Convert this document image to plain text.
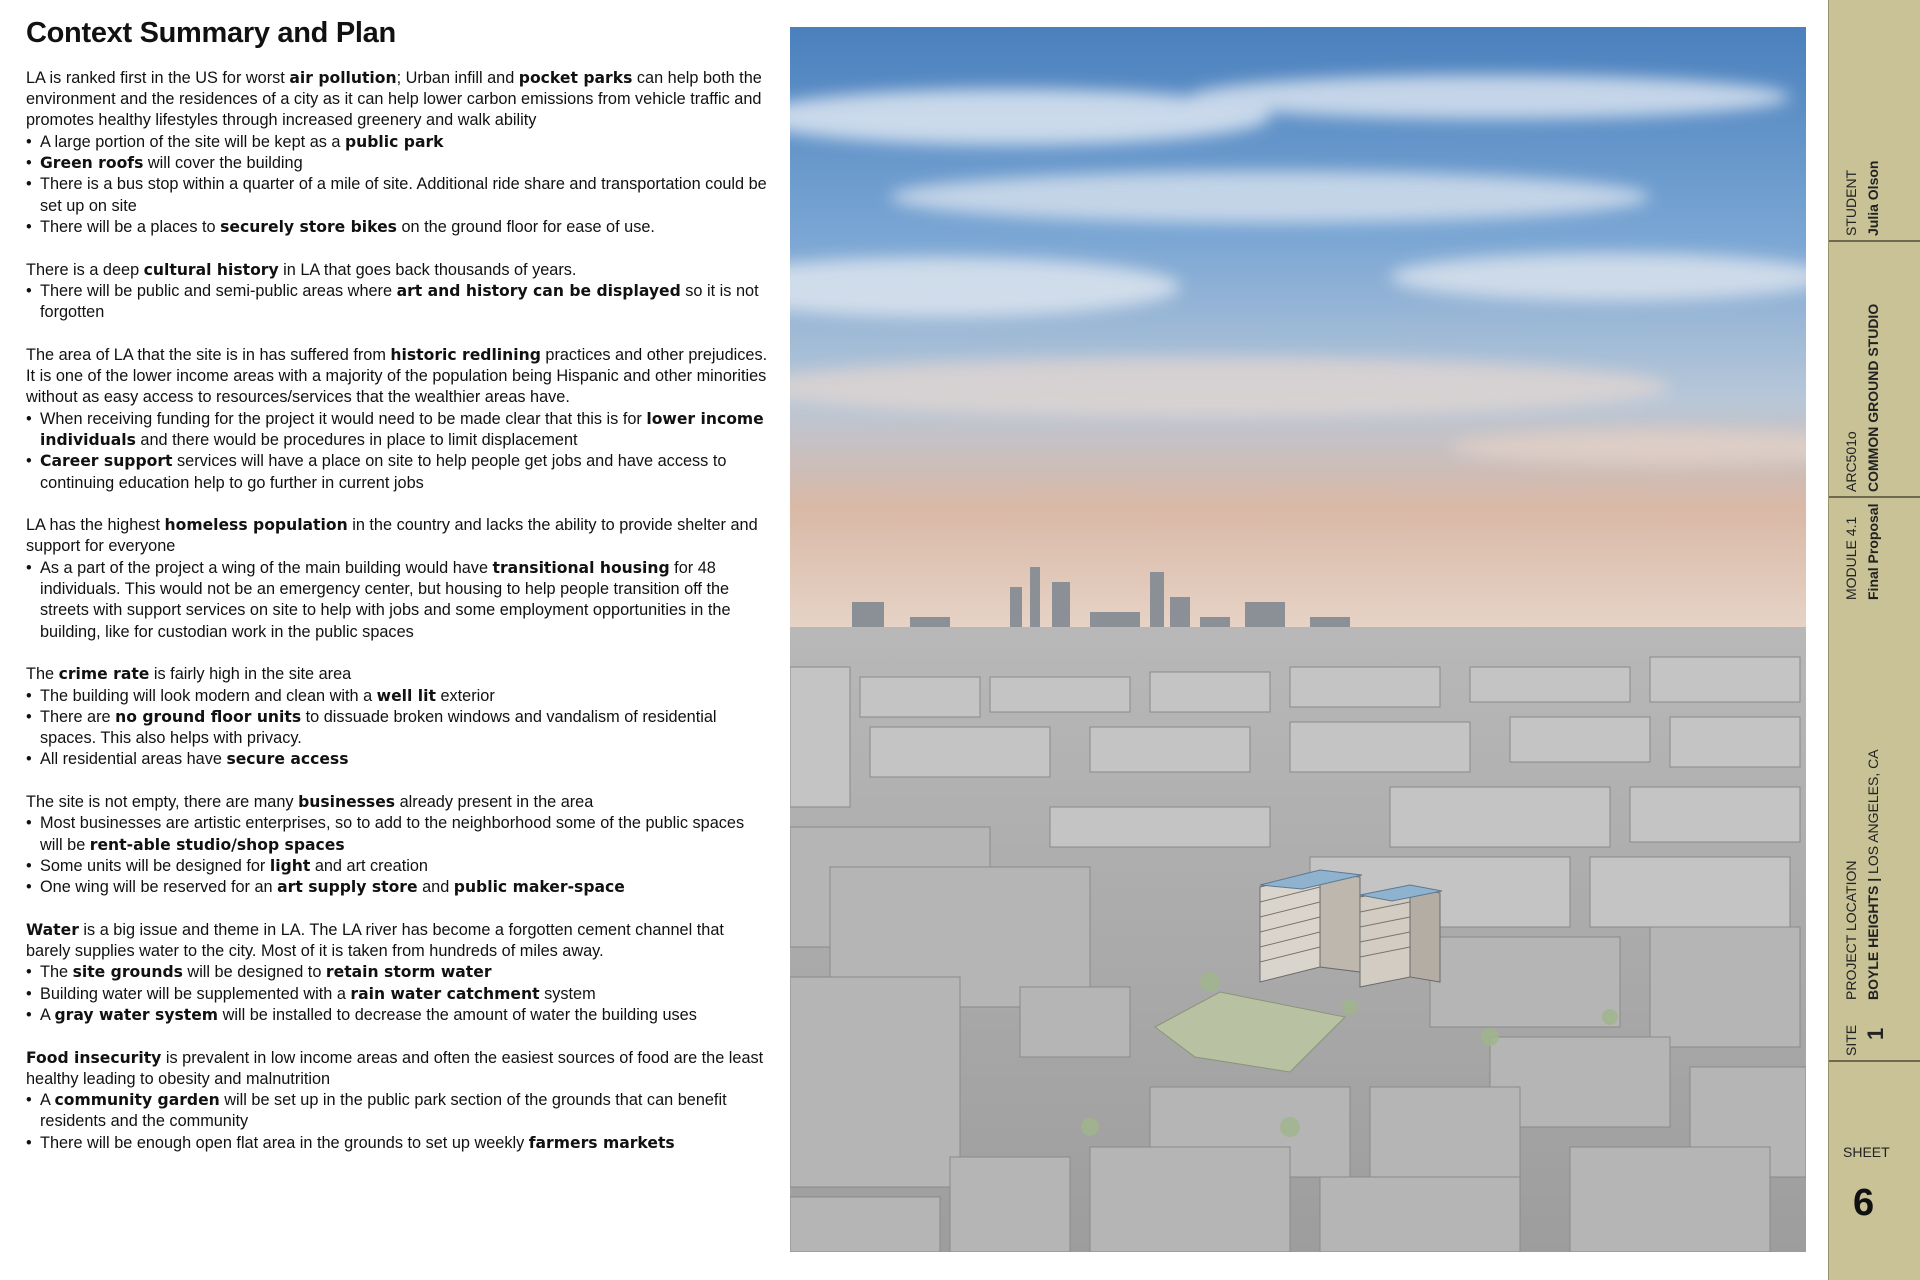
Context Summary and Plan
LA is ranked first in the US for worst air pollution; Urban infill and pocket parks can help both the environment and the residences of a city as it can help lower carbon emissions from vehicle traffic and promotes healthy lifestyles through increased greenery and walk ability
• A large portion of the site will be kept as a public park
• Green roofs will cover the building
• There is a bus stop within a quarter of a mile of site. Additional ride share and transportation could be set up on site
• There will be a places to securely store bikes on the ground floor for ease of use.
There is a deep cultural history in LA that goes back thousands of years.
• There will be public and semi-public areas where art and history can be displayed so it is not forgotten
The area of LA that the site is in has suffered from historic redlining practices and other prejudices. It is one of the lower income areas with a majority of the population being Hispanic and other minorities without as easy access to resources/services that the wealthier areas have.
• When receiving funding for the project it would need to be made clear that this is for lower income individuals and there would be procedures in place to limit displacement
• Career support services will have a place on site to help people get jobs and have access to continuing education help to go further in current jobs
LA has the highest homeless population in the country and lacks the ability to provide shelter and support for everyone
• As a part of the project a wing of the main building would have transitional housing for 48 individuals. This would not be an emergency center, but housing to help people transition off the streets with support services on site to help with jobs and some employment opportunities in the building, like for custodian work in the public spaces
The crime rate is fairly high in the site area
• The building will look modern and clean with a well lit exterior
• There are no ground floor units to dissuade broken windows and vandalism of residential spaces. This also helps with privacy.
• All residential areas have secure access
The site is not empty, there are many businesses already present in the area
• Most businesses are artistic enterprises, so to add to the neighborhood some of the public spaces will be rent-able studio/shop spaces
• Some units will be designed for light and art creation
• One wing will be reserved for an art supply store and public maker-space
Water is a big issue and theme in LA. The LA river has become a forgotten cement channel that barely supplies water to the city. Most of it is taken from hundreds of miles away.
• The site grounds will be designed to retain storm water
• Building water will be supplemented with a rain water catchment system
• A gray water system will be installed to decrease the amount of water the building uses
Food insecurity is prevalent in low income areas and often the easiest sources of food are the least healthy leading to obesity and malnutrition
• A community garden will be set up in the public park section of the grounds that can benefit residents and the community
• There will be enough open flat area in the grounds to set up weekly farmers markets
STUDENT Julia Olson
ARC501o COMMON GROUND STUDIO
MODULE 4.1 Final Proposal
PROJECT LOCATION BOYLE HEIGHTS | LOS ANGELES, CA
SITE 1
SHEET
6
